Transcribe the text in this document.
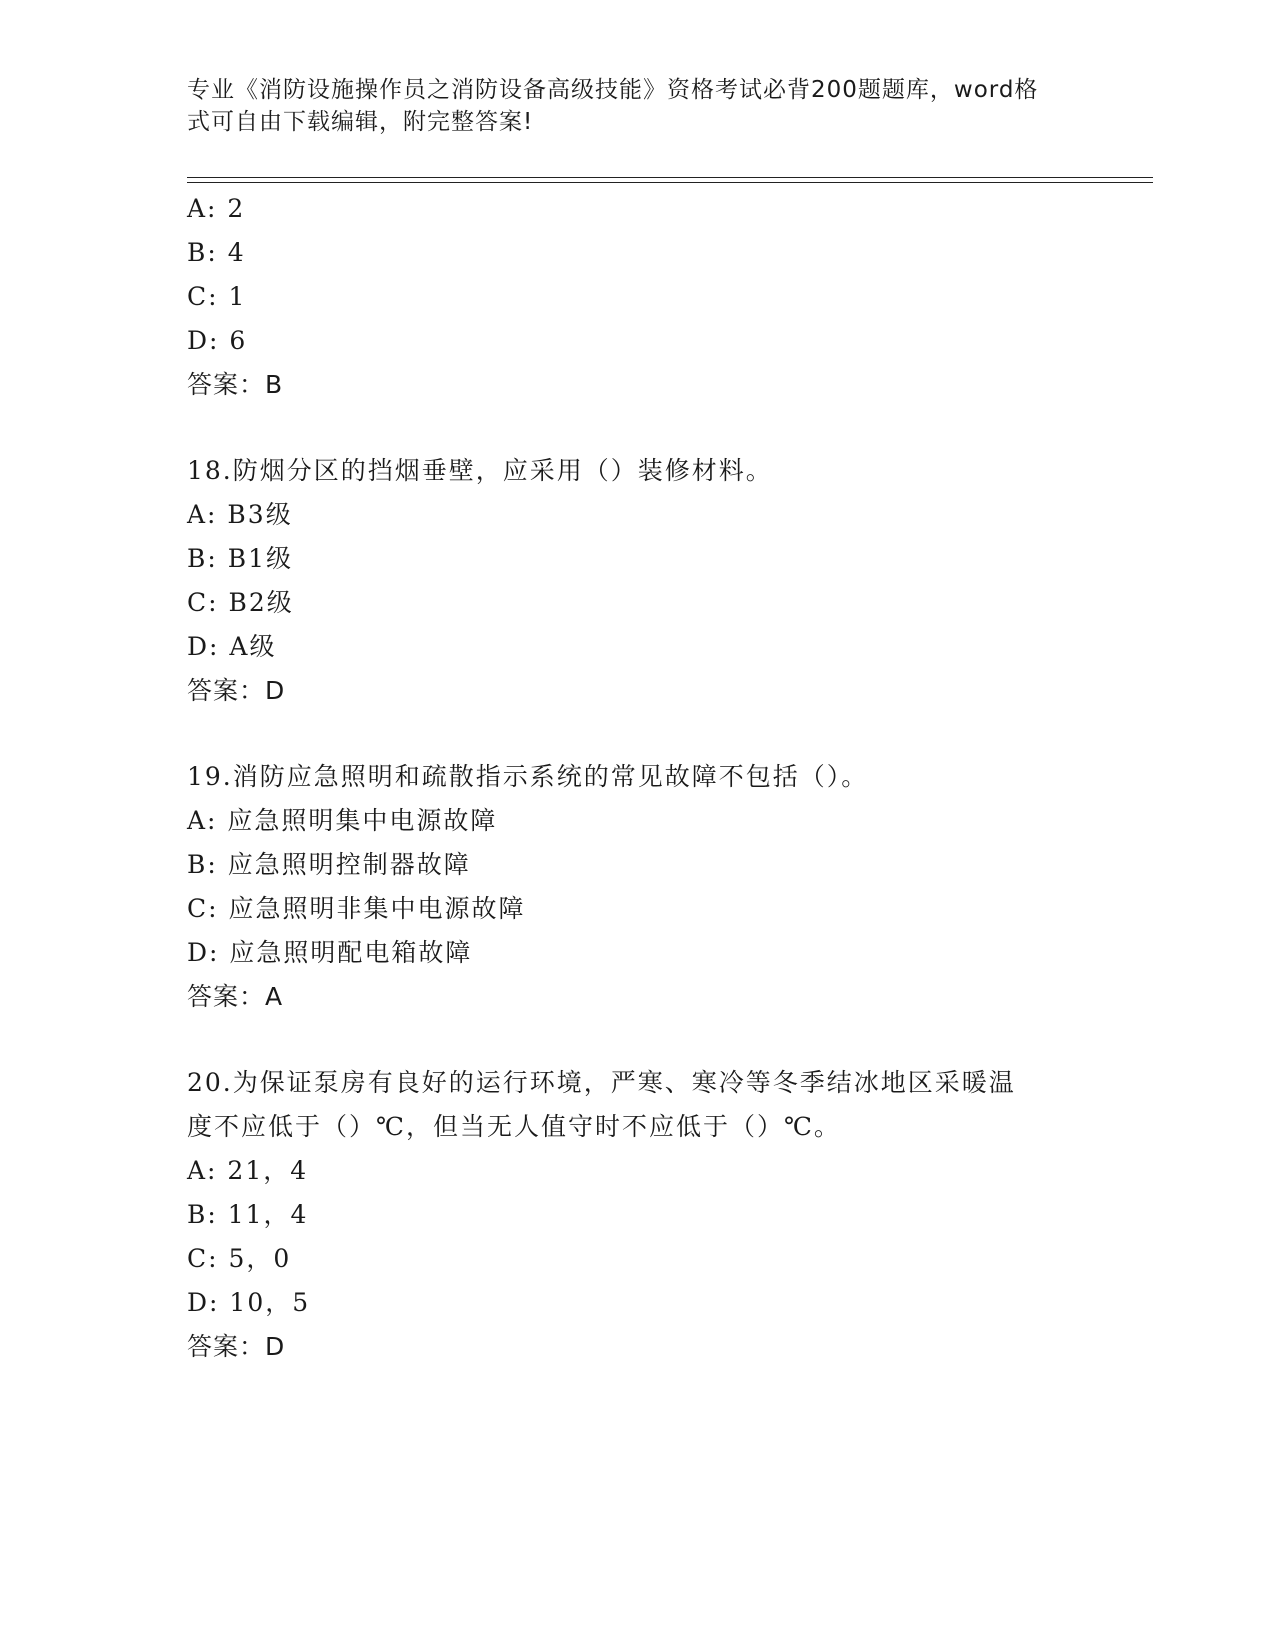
专业《消防设施操作员之消防设备高级技能》资格考试必背200题题库，word格
式可自由下载编辑，附完整答案!
A: 2
B: 4
C: 1
D: 6
答案：B
18.防烟分区的挡烟垂壁，应采用（）装修材料。
A: B3级
B: B1级
C: B2级
D: A级
答案：D
19.消防应急照明和疏散指示系统的常见故障不包括（）。
A: 应急照明集中电源故障
B: 应急照明控制器故障
C: 应急照明非集中电源故障
D: 应急照明配电箱故障
答案：A
20.为保证泵房有良好的运行环境，严寒、寒冷等冬季结冰地区采暖温
度不应低于（）℃，但当无人值守时不应低于（）℃。
A: 21，4
B: 11，4
C: 5，0
D: 10，5
答案：D
